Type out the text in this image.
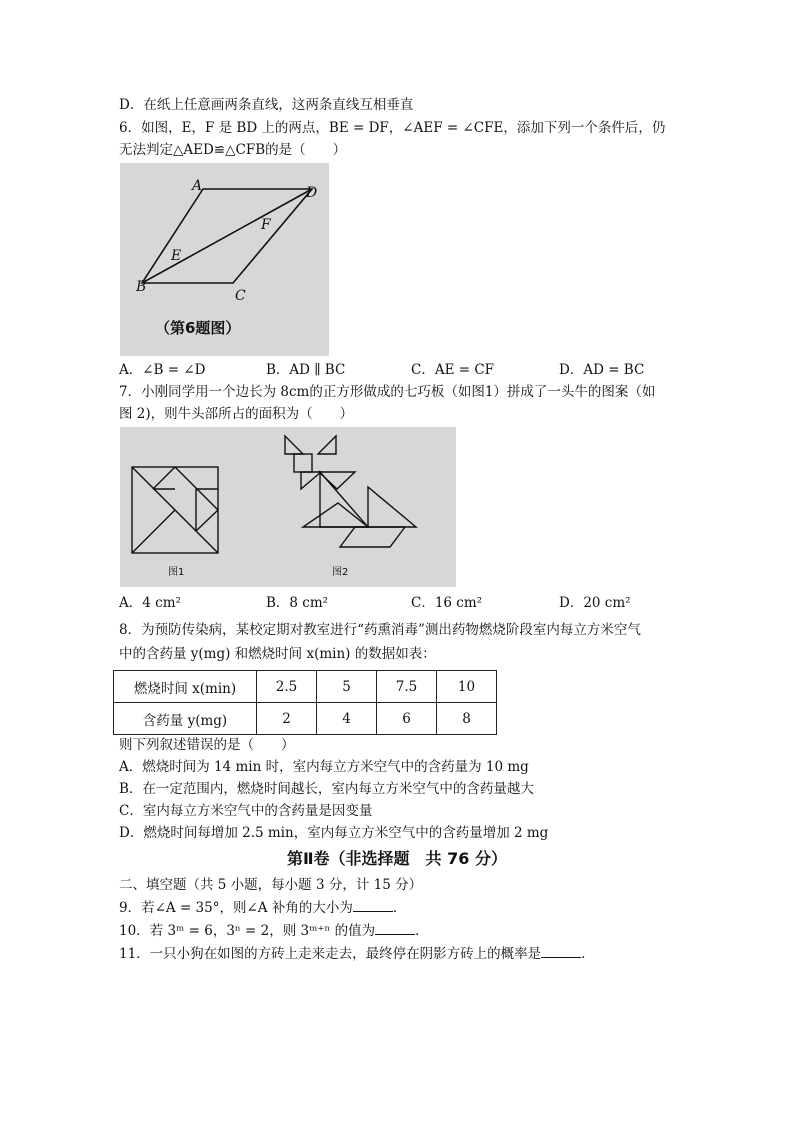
D．在纸上任意画两条直线，这两条直线互相垂直
6．如图，E，F 是 BD 上的两点，BE = DF，∠AEF = ∠CFE，添加下列一个条件后，仍
无法判定△AED≌△CFB的是（　　）
A	D
F
E
B
C
（第6题图）
A．∠B = ∠D	B．AD ∥ BC	C．AE = CF	D．AD = BC
7．小刚同学用一个边长为 8cm的正方形做成的七巧板（如图1）拼成了一头牛的图案（如
图 2)，则牛头部所占的面积为（　　）
图1	图2
A．4 cm²	B．8 cm²	C．16 cm²	D．20 cm²
8．为预防传染病，某校定期对教室进行“药熏消毒”测出药物燃烧阶段室内每立方米空气
中的含药量 y(mg) 和燃烧时间 x(min) 的数据如表：
燃烧时间 x(min)	2.5	5	7.5	10
含药量 y(mg)	2	4	6	8
则下列叙述错误的是（　　）
A．燃烧时间为 14 min 时，室内每立方米空气中的含药量为 10 mg
B．在一定范围内，燃烧时间越长，室内每立方米空气中的含药量越大
C．室内每立方米空气中的含药量是因变量
D．燃烧时间每增加 2.5 min，室内每立方米空气中的含药量增加 2 mg
第Ⅱ卷（非选择题　共 76 分）
二、填空题（共 5 小题，每小题 3 分，计 15 分）
9．若∠A = 35°，则∠A 补角的大小为	．
10．若 3ᵐ = 6，3ⁿ = 2，则 3ᵐ⁺ⁿ 的值为	．
11．一只小狗在如图的方砖上走来走去，最终停在阴影方砖上的概率是	．
